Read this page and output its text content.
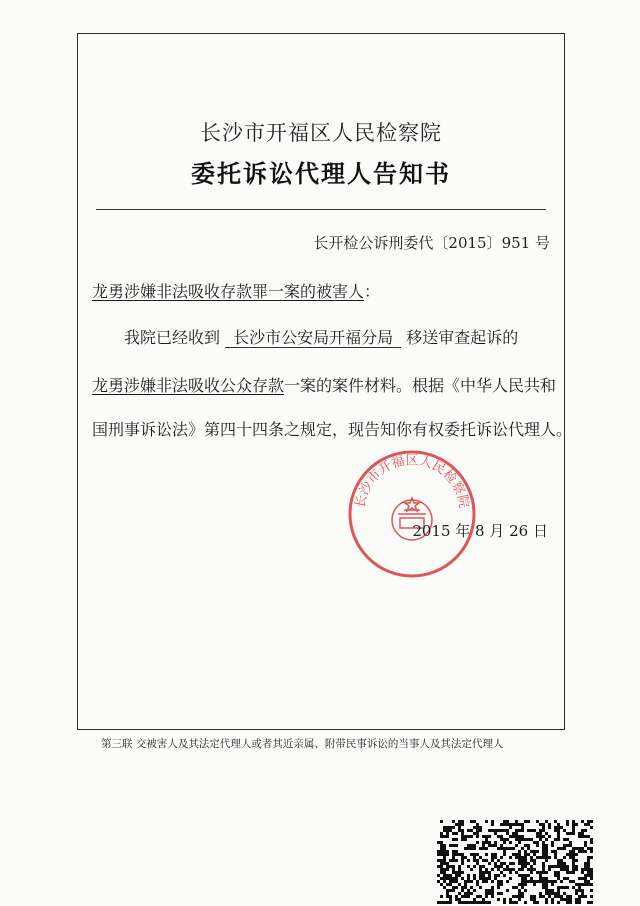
长沙市开福区人民检察院
委托诉讼代理人告知书
长开检公诉刑委代〔2015〕951 号
龙勇涉嫌非法吸收存款罪一案的被害人：
我院已经收到 长沙市公安局开福分局 移送审查起诉的
龙勇涉嫌非法吸收公众存款一案的案件材料。根据《中华人民共和
国刑事诉讼法》第四十四条之规定，现告知你有权委托诉讼代理人。
2015 年 8 月 26 日
长沙市开福区人民检察院
第三联 交被害人及其法定代理人或者其近亲属、附带民事诉讼的当事人及其法定代理人
